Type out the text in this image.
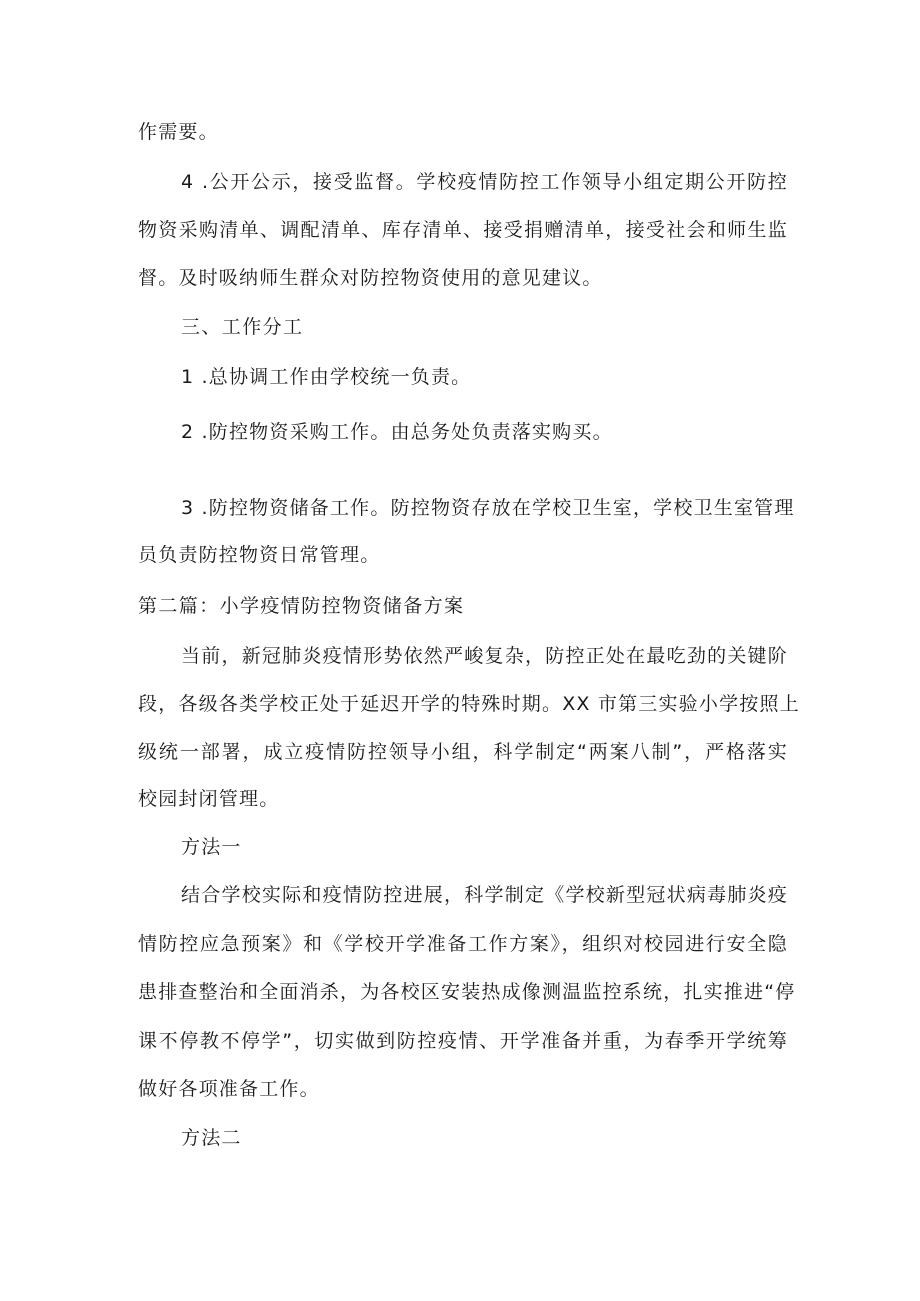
作需要。
4 .公开公示，接受监督。学校疫情防控工作领导小组定期公开防控
物资采购清单、调配清单、库存清单、接受捐赠清单，接受社会和师生监
督。及时吸纳师生群众对防控物资使用的意见建议。
三、工作分工
1 .总协调工作由学校统一负责。
2 .防控物资采购工作。由总务处负责落实购买。
3 .防控物资储备工作。防控物资存放在学校卫生室，学校卫生室管理
员负责防控物资日常管理。
第二篇：小学疫情防控物资储备方案
当前，新冠肺炎疫情形势依然严峻复杂，防控正处在最吃劲的关键阶
段，各级各类学校正处于延迟开学的特殊时期。XX 市第三实验小学按照上
级统一部署，成立疫情防控领导小组，科学制定“两案八制”，严格落实
校园封闭管理。
方法一
结合学校实际和疫情防控进展，科学制定《学校新型冠状病毒肺炎疫
情防控应急预案》和《学校开学准备工作方案》，组织对校园进行安全隐
患排查整治和全面消杀，为各校区安装热成像测温监控系统，扎实推进“停
课不停教不停学”，切实做到防控疫情、开学准备并重，为春季开学统筹
做好各项准备工作。
方法二
